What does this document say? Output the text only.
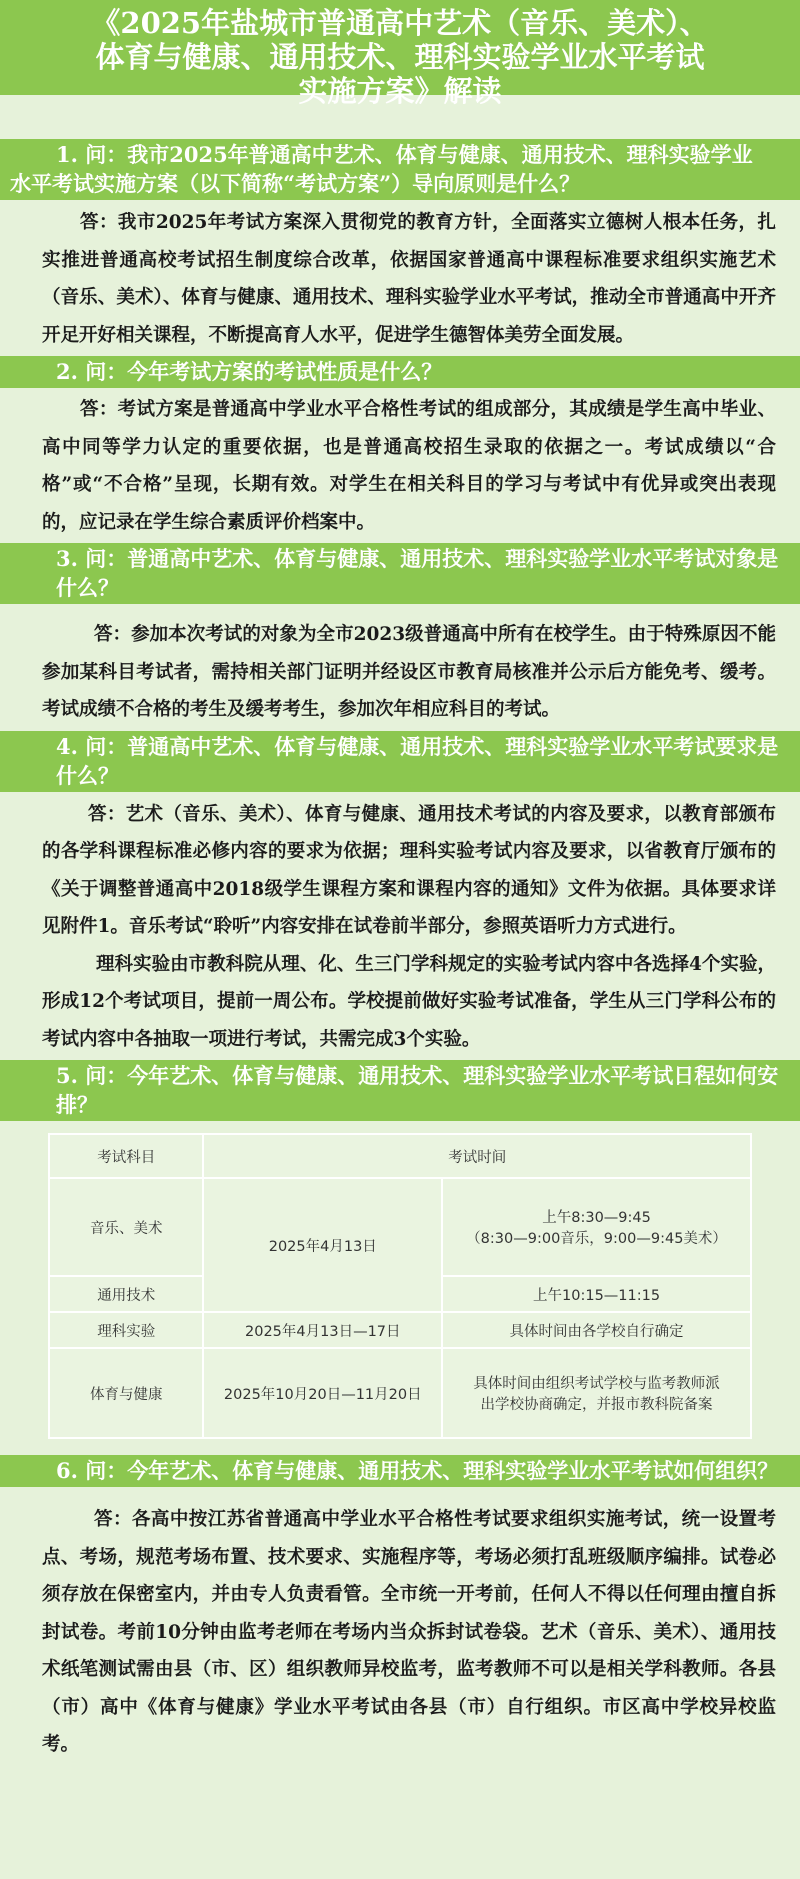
《2025年盐城市普通高中艺术（音乐、美术）、
体育与健康、通用技术、理科实验学业水平考试
实施方案》解读
1. 问：我市2025年普通高中艺术、体育与健康、通用技术、理科实验学业
水平考试实施方案（以下简称“考试方案”）导向原则是什么？

答：我市2025年考试方案深入贯彻党的教育方针，全面落实立德树人根本任务，扎实推进普通高校考试招生制度综合改革，依据国家普通高中课程标准要求组织实施艺术（音乐、美术）、体育与健康、通用技术、理科实验学业水平考试，推动全市普通高中开齐开足开好相关课程，不断提高育人水平，促进学生德智体美劳全面发展。

2. 问：今年考试方案的考试性质是什么？

答：考试方案是普通高中学业水平合格性考试的组成部分，其成绩是学生高中毕业、高中同等学力认定的重要依据，也是普通高校招生录取的依据之一。考试成绩以“合格”或“不合格”呈现，长期有效。对学生在相关科目的学习与考试中有优异或突出表现的，应记录在学生综合素质评价档案中。

3. 问：普通高中艺术、体育与健康、通用技术、理科实验学业水平考试对象是什么？

答：参加本次考试的对象为全市2023级普通高中所有在校学生。由于特殊原因不能参加某科目考试者，需持相关部门证明并经设区市教育局核准并公示后方能免考、缓考。考试成绩不合格的考生及缓考考生，参加次年相应科目的考试。

4. 问：普通高中艺术、体育与健康、通用技术、理科实验学业水平考试要求是什么？

答：艺术（音乐、美术）、体育与健康、通用技术考试的内容及要求，以教育部颁布的各学科课程标准必修内容的要求为依据；理科实验考试内容及要求，以省教育厅颁布的《关于调整普通高中2018级学生课程方案和课程内容的通知》文件为依据。具体要求详见附件1。音乐考试“聆听”内容安排在试卷前半部分，参照英语听力方式进行。

理科实验由市教科院从理、化、生三门学科规定的实验考试内容中各选择4个实验，形成12个考试项目，提前一周公布。学校提前做好实验考试准备，学生从三门学科公布的考试内容中各抽取一项进行考试，共需完成3个实验。

5. 问：今年艺术、体育与健康、通用技术、理科实验学业水平考试日程如何安排？
考试科目	考试时间	
音乐、美术	2025年4月13日	上午8:30—9:45
（8:30—9:00音乐，9:00—9:45美术）

通用技术		上午10:15—11:15
理科实验	2025年4月13日—17日	具体时间由各学校自行确定
体育与健康	2025年10月20日—11月20日	具体时间由组织考试学校与监考教师派
出学校协商确定，并报市教科院备案
6. 问：今年艺术、体育与健康、通用技术、理科实验学业水平考试如何组织？

答：各高中按江苏省普通高中学业水平合格性考试要求组织实施考试，统一设置考点、考场，规范考场布置、技术要求、实施程序等，考场必须打乱班级顺序编排。试卷必须存放在保密室内，并由专人负责看管。全市统一开考前，任何人不得以任何理由擅自拆封试卷。考前10分钟由监考老师在考场内当众拆封试卷袋。艺术（音乐、美术）、通用技术纸笔测试需由县（市、区）组织教师异校监考，监考教师不可以是相关学科教师。各县（市）高中《体育与健康》学业水平考试由各县（市）自行组织。市区高中学校异校监考。
